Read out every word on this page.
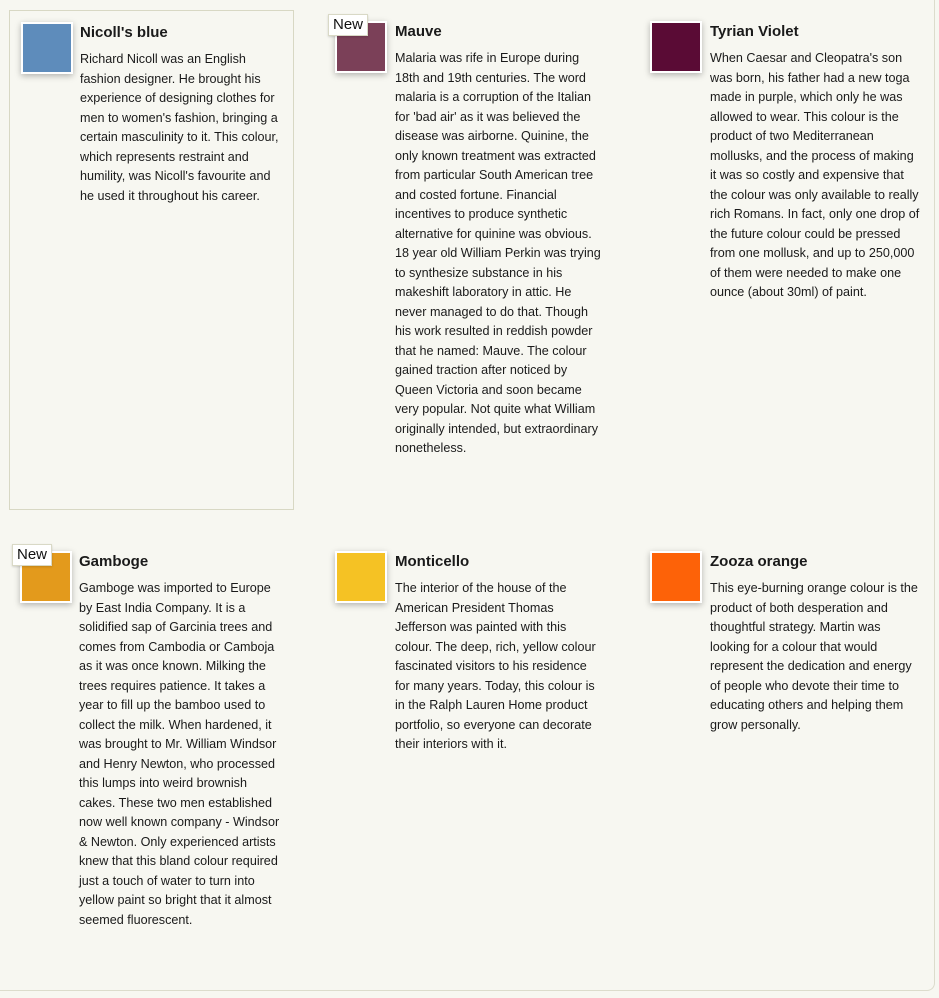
Nicoll's blue

Richard Nicoll was an English fashion designer. He brought his experience of designing clothes for men to women's fashion, bringing a certain masculinity to it. This colour, which represents restraint and humility, was Nicoll's favourite and he used it throughout his career.

New	Mauve

Malaria was rife in Europe during 18th and 19th centuries. The word malaria is a corruption of the Italian for 'bad air' as it was believed the disease was airborne. Quinine, the only known treatment was extracted from particular South American tree and costed fortune. Financial incentives to produce synthetic alternative for quinine was obvious. 18 year old William Perkin was trying to synthesize substance in his makeshift laboratory in attic. He never managed to do that. Though his work resulted in reddish powder that he named: Mauve. The colour gained traction after noticed by Queen Victoria and soon became very popular. Not quite what William originally intended, but extraordinary nonetheless.

Tyrian Violet

When Caesar and Cleopatra's son was born, his father had a new toga made in purple, which only he was allowed to wear. This colour is the product of two Mediterranean mollusks, and the process of making it was so costly and expensive that the colour was only available to really rich Romans. In fact, only one drop of the future colour could be pressed from one mollusk, and up to 250,000 of them were needed to make one ounce (about 30ml) of paint.

New	Gamboge

Gamboge was imported to Europe by East India Company. It is a solidified sap of Garcinia trees and comes from Cambodia or Camboja as it was once known. Milking the trees requires patience. It takes a year to fill up the bamboo used to collect the milk. When hardened, it was brought to Mr. William Windsor and Henry Newton, who processed this lumps into weird brownish cakes. These two men established now well known company - Windsor & Newton. Only experienced artists knew that this bland colour required just a touch of water to turn into yellow paint so bright that it almost seemed fluorescent.

Monticello

The interior of the house of the American President Thomas Jefferson was painted with this colour. The deep, rich, yellow colour fascinated visitors to his residence for many years. Today, this colour is in the Ralph Lauren Home product portfolio, so everyone can decorate their interiors with it.

Zooza orange

This eye-burning orange colour is the product of both desperation and thoughtful strategy. Martin was looking for a colour that would represent the dedication and energy of people who devote their time to educating others and helping them grow personally.
